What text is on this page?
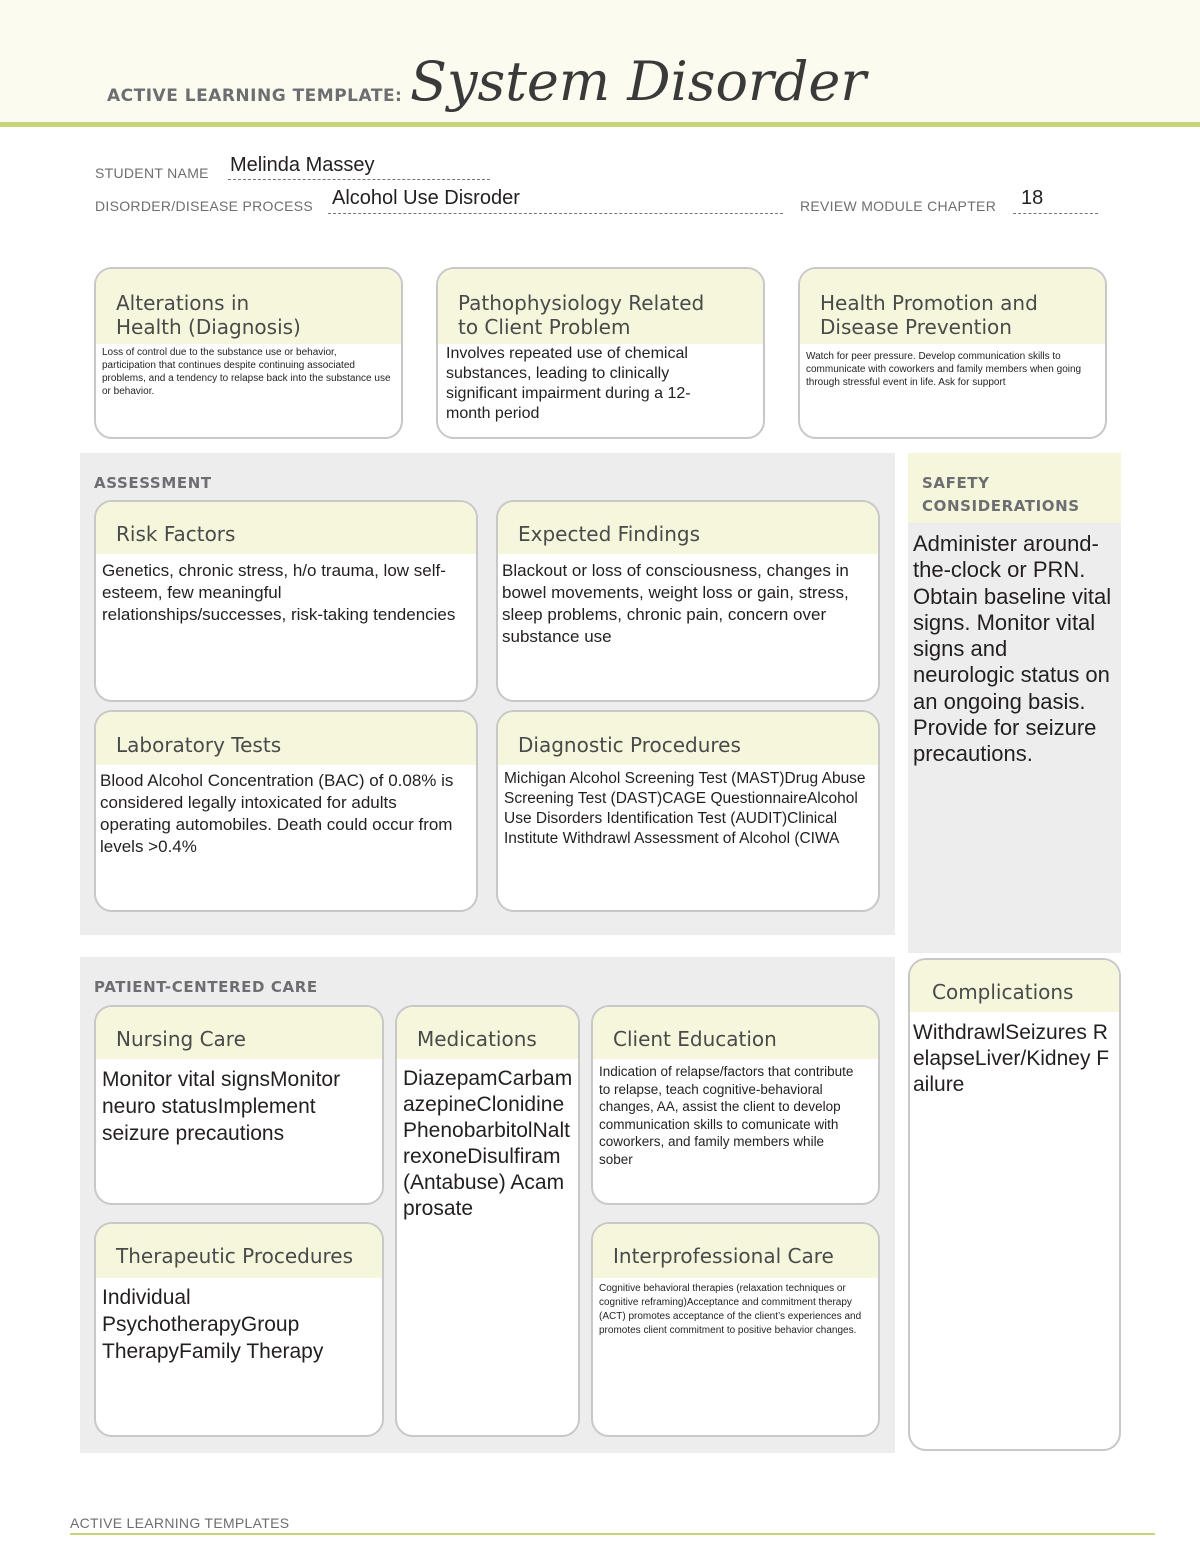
ACTIVE LEARNING TEMPLATE: System Disorder
STUDENT NAME Melinda Massey
DISORDER/DISEASE PROCESS Alcohol Use Disroder	REVIEW MODULE CHAPTER 18
Alterations in
Health (Diagnosis)
Loss of control due to the substance use or behavior, participation that continues despite continuing associated problems, and a tendency to relapse back into the substance use or behavior.
Pathophysiology Related
to Client Problem
Involves repeated use of chemical substances, leading to clinically significant impairment during a 12-month period
Health Promotion and
Disease Prevention
Watch for peer pressure. Develop communication skills to communicate with coworkers and family members when going through stressful event in life. Ask for support
ASSESSMENT
Risk Factors
Genetics, chronic stress, h/o trauma, low self-esteem, few meaningful relationships/successes, risk-taking tendencies
Expected Findings
Blackout or loss of consciousness, changes in bowel movements, weight loss or gain, stress, sleep problems, chronic pain, concern over substance use
Laboratory Tests
Blood Alcohol Concentration (BAC) of 0.08% is considered legally intoxicated for adults operating automobiles. Death could occur from levels >0.4%
Diagnostic Procedures
Michigan Alcohol Screening Test (MAST)Drug Abuse Screening Test (DAST)CAGE QuestionnaireAlcohol Use Disorders Identification Test (AUDIT)Clinical Institute Withdrawl Assessment of Alcohol (CIWA
SAFETY
CONSIDERATIONS
Administer around-the-clock or PRN. Obtain baseline vital signs. Monitor vital signs and neurologic status on an ongoing basis. Provide for seizure precautions.
PATIENT-CENTERED CARE
Nursing Care
Monitor vital signsMonitor neuro statusImplement seizure precautions
Medications
DiazepamCarbamazepineClonidinePhenobarbitolNaltrexoneDisulfiram(Antabuse) Acamprosate
Client Education
Indication of relapse/factors that contribute to relapse, teach cognitive-behavioral changes, AA, assist the client to develop communication skills to comunicate with coworkers, and family members while sober
Therapeutic Procedures
Individual PsychotherapyGroup TherapyFamily Therapy
Interprofessional Care
Cognitive behavioral therapies (relaxation techniques or cognitive reframing)Acceptance and commitment therapy (ACT) promotes acceptance of the client’s experiences and promotes client commitment to positive behavior changes.
Complications
WithdrawlSeizures RelapseLiver/Kidney Failure
ACTIVE LEARNING TEMPLATES
